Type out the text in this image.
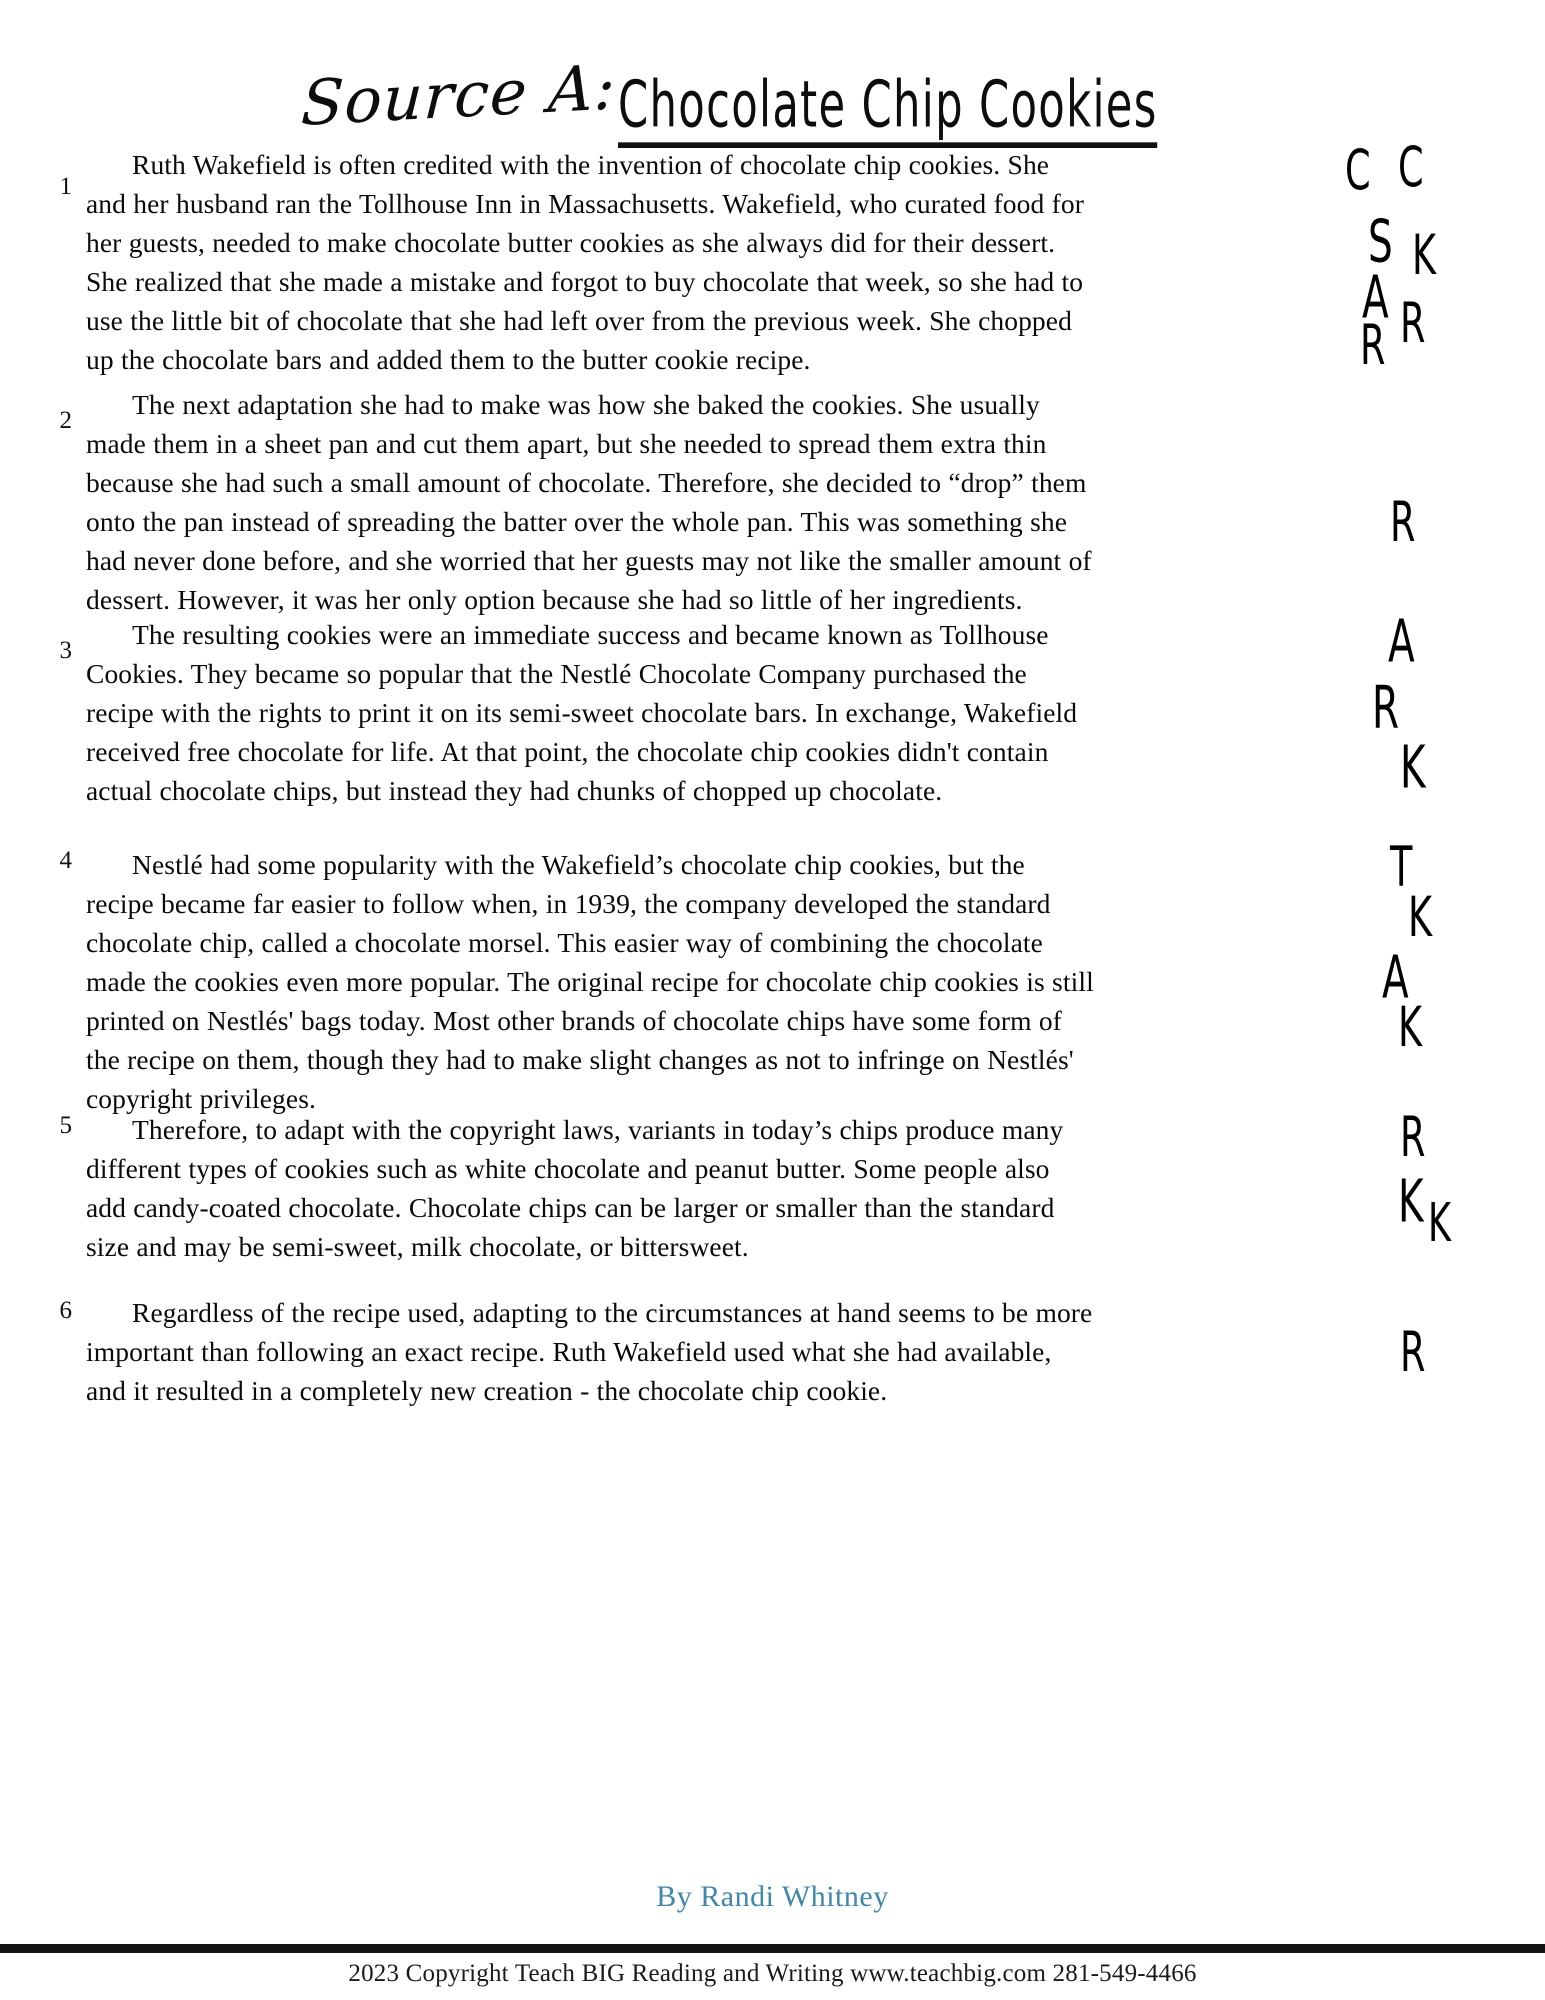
Source A: Chocolate Chip Cookies
1
Ruth Wakefield is often credited with the invention of chocolate chip cookies. She and her husband ran the Tollhouse Inn in Massachusetts. Wakefield, who curated food for her guests, needed to make chocolate butter cookies as she always did for their dessert. She realized that she made a mistake and forgot to buy chocolate that week, so she had to use the little bit of chocolate that she had left over from the previous week. She chopped up the chocolate bars and added them to the butter cookie recipe.
2
The next adaptation she had to make was how she baked the cookies. She usually made them in a sheet pan and cut them apart, but she needed to spread them extra thin because she had such a small amount of chocolate. Therefore, she decided to “drop” them onto the pan instead of spreading the batter over the whole pan. This was something she had never done before, and she worried that her guests may not like the smaller amount of dessert. However, it was her only option because she had so little of her ingredients.
3
The resulting cookies were an immediate success and became known as Tollhouse Cookies. They became so popular that the Nestlé Chocolate Company purchased the recipe with the rights to print it on its semi-sweet chocolate bars. In exchange, Wakefield received free chocolate for life. At that point, the chocolate chip cookies didn't contain actual chocolate chips, but instead they had chunks of chopped up chocolate.
4	Nestlé had some popularity with the Wakefield’s chocolate chip cookies, but the recipe became far easier to follow when, in 1939, the company developed the standard chocolate chip, called a chocolate morsel. This easier way of combining the chocolate made the cookies even more popular. The original recipe for chocolate chip cookies is still printed on Nestlés' bags today. Most other brands of chocolate chips have some form of the recipe on them, though they had to make slight changes as not to infringe on Nestlés' copyright privileges.
5	Therefore, to adapt with the copyright laws, variants in today’s chips produce many different types of cookies such as white chocolate and peanut butter. Some people also add candy-coated chocolate. Chocolate chips can be larger or smaller than the standard size and may be semi-sweet, milk chocolate, or bittersweet.
6	Regardless of the recipe used, adapting to the circumstances at hand seems to be more important than following an exact recipe. Ruth Wakefield used what she had available, and it resulted in a completely new creation - the chocolate chip cookie.
C C
S K
A R
R
R
A
R
K
T
K
A
K
R
K K
R
By Randi Whitney
2023 Copyright Teach BIG Reading and Writing www.teachbig.com 281-549-4466
